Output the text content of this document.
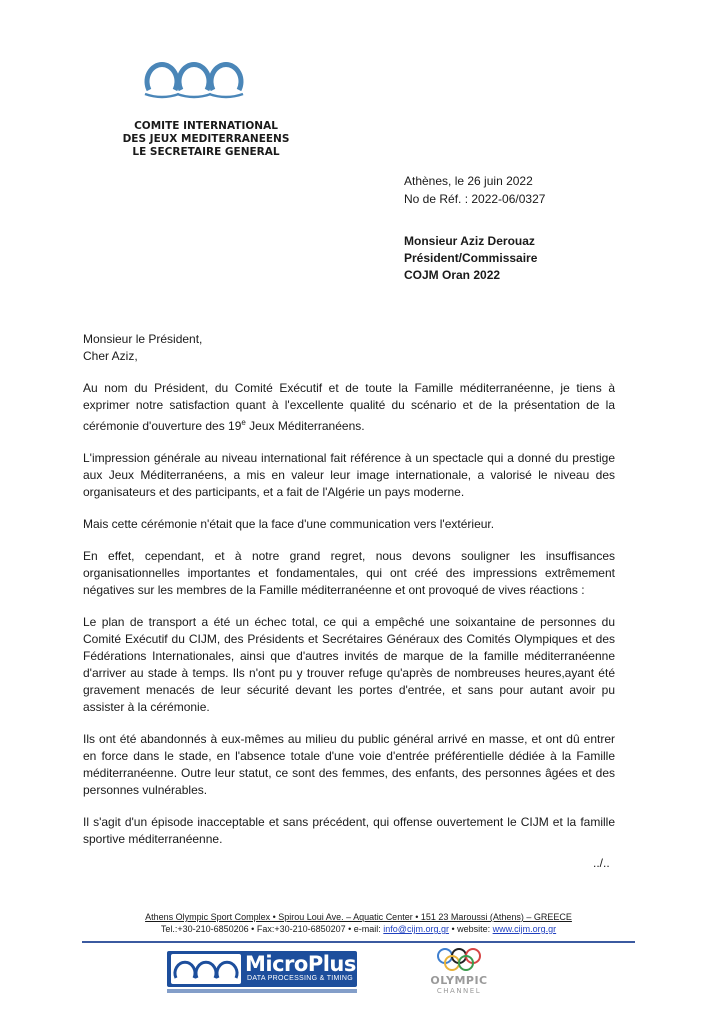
COMITE INTERNATIONAL
DES JEUX MEDITERRANEENS
LE SECRETAIRE GENERAL
Athènes, le 26 juin 2022
No de Réf. : 2022-06/0327
Monsieur Aziz Derouaz
Président/Commissaire
COJM Oran 2022
Monsieur le Président,
Cher Aziz,

Au nom du Président, du Comité Exécutif et de toute la Famille méditerranéenne, je tiens à exprimer notre satisfaction quant à l'excellente qualité du scénario et de la présentation de la cérémonie d'ouverture des 19e Jeux Méditerranéens.

L'impression générale au niveau international fait référence à un spectacle qui a donné du prestige aux Jeux Méditerranéens, a mis en valeur leur image internationale, a valorisé le niveau des organisateurs et des participants, et a fait de l'Algérie un pays moderne.

Mais cette cérémonie n'était que la face d'une communication vers l'extérieur.

En effet, cependant, et à notre grand regret, nous devons souligner les insuffisances organisationnelles importantes et fondamentales, qui ont créé des impressions extrêmement négatives sur les membres de la Famille méditerranéenne et ont provoqué de vives réactions :

Le plan de transport a été un échec total, ce qui a empêché une soixantaine de personnes du Comité Exécutif du CIJM, des Présidents et Secrétaires Généraux des Comités Olympiques et des Fédérations Internationales, ainsi que d'autres invités de marque de la famille méditerranéenne d'arriver au stade à temps. Ils n'ont pu y trouver refuge qu'après de nombreuses heures,ayant été gravement menacés de leur sécurité devant les portes d'entrée, et sans pour autant avoir pu assister à la cérémonie.

Ils ont été abandonnés à eux-mêmes au milieu du public général arrivé en masse, et ont dû entrer en force dans le stade, en l'absence totale d'une voie d'entrée préférentielle dédiée à la Famille méditerranéenne. Outre leur statut, ce sont des femmes, des enfants, des personnes âgées et des personnes vulnérables.

Il s'agit d'un épisode inacceptable et sans précédent, qui offense ouvertement le CIJM et la famille sportive méditerranéenne.

../..
Athens Olympic Sport Complex • Spirou Loui Ave. – Aquatic Center • 151 23 Maroussi (Athens) – GREECE
Tel.:+30-210-6850206 • Fax:+30-210-6850207 • e-mail: info@cijm.org.gr • website: www.cijm.org.gr
MicroPlus
DATA PROCESSING & TIMING	OLYMPIC
CHANNEL
